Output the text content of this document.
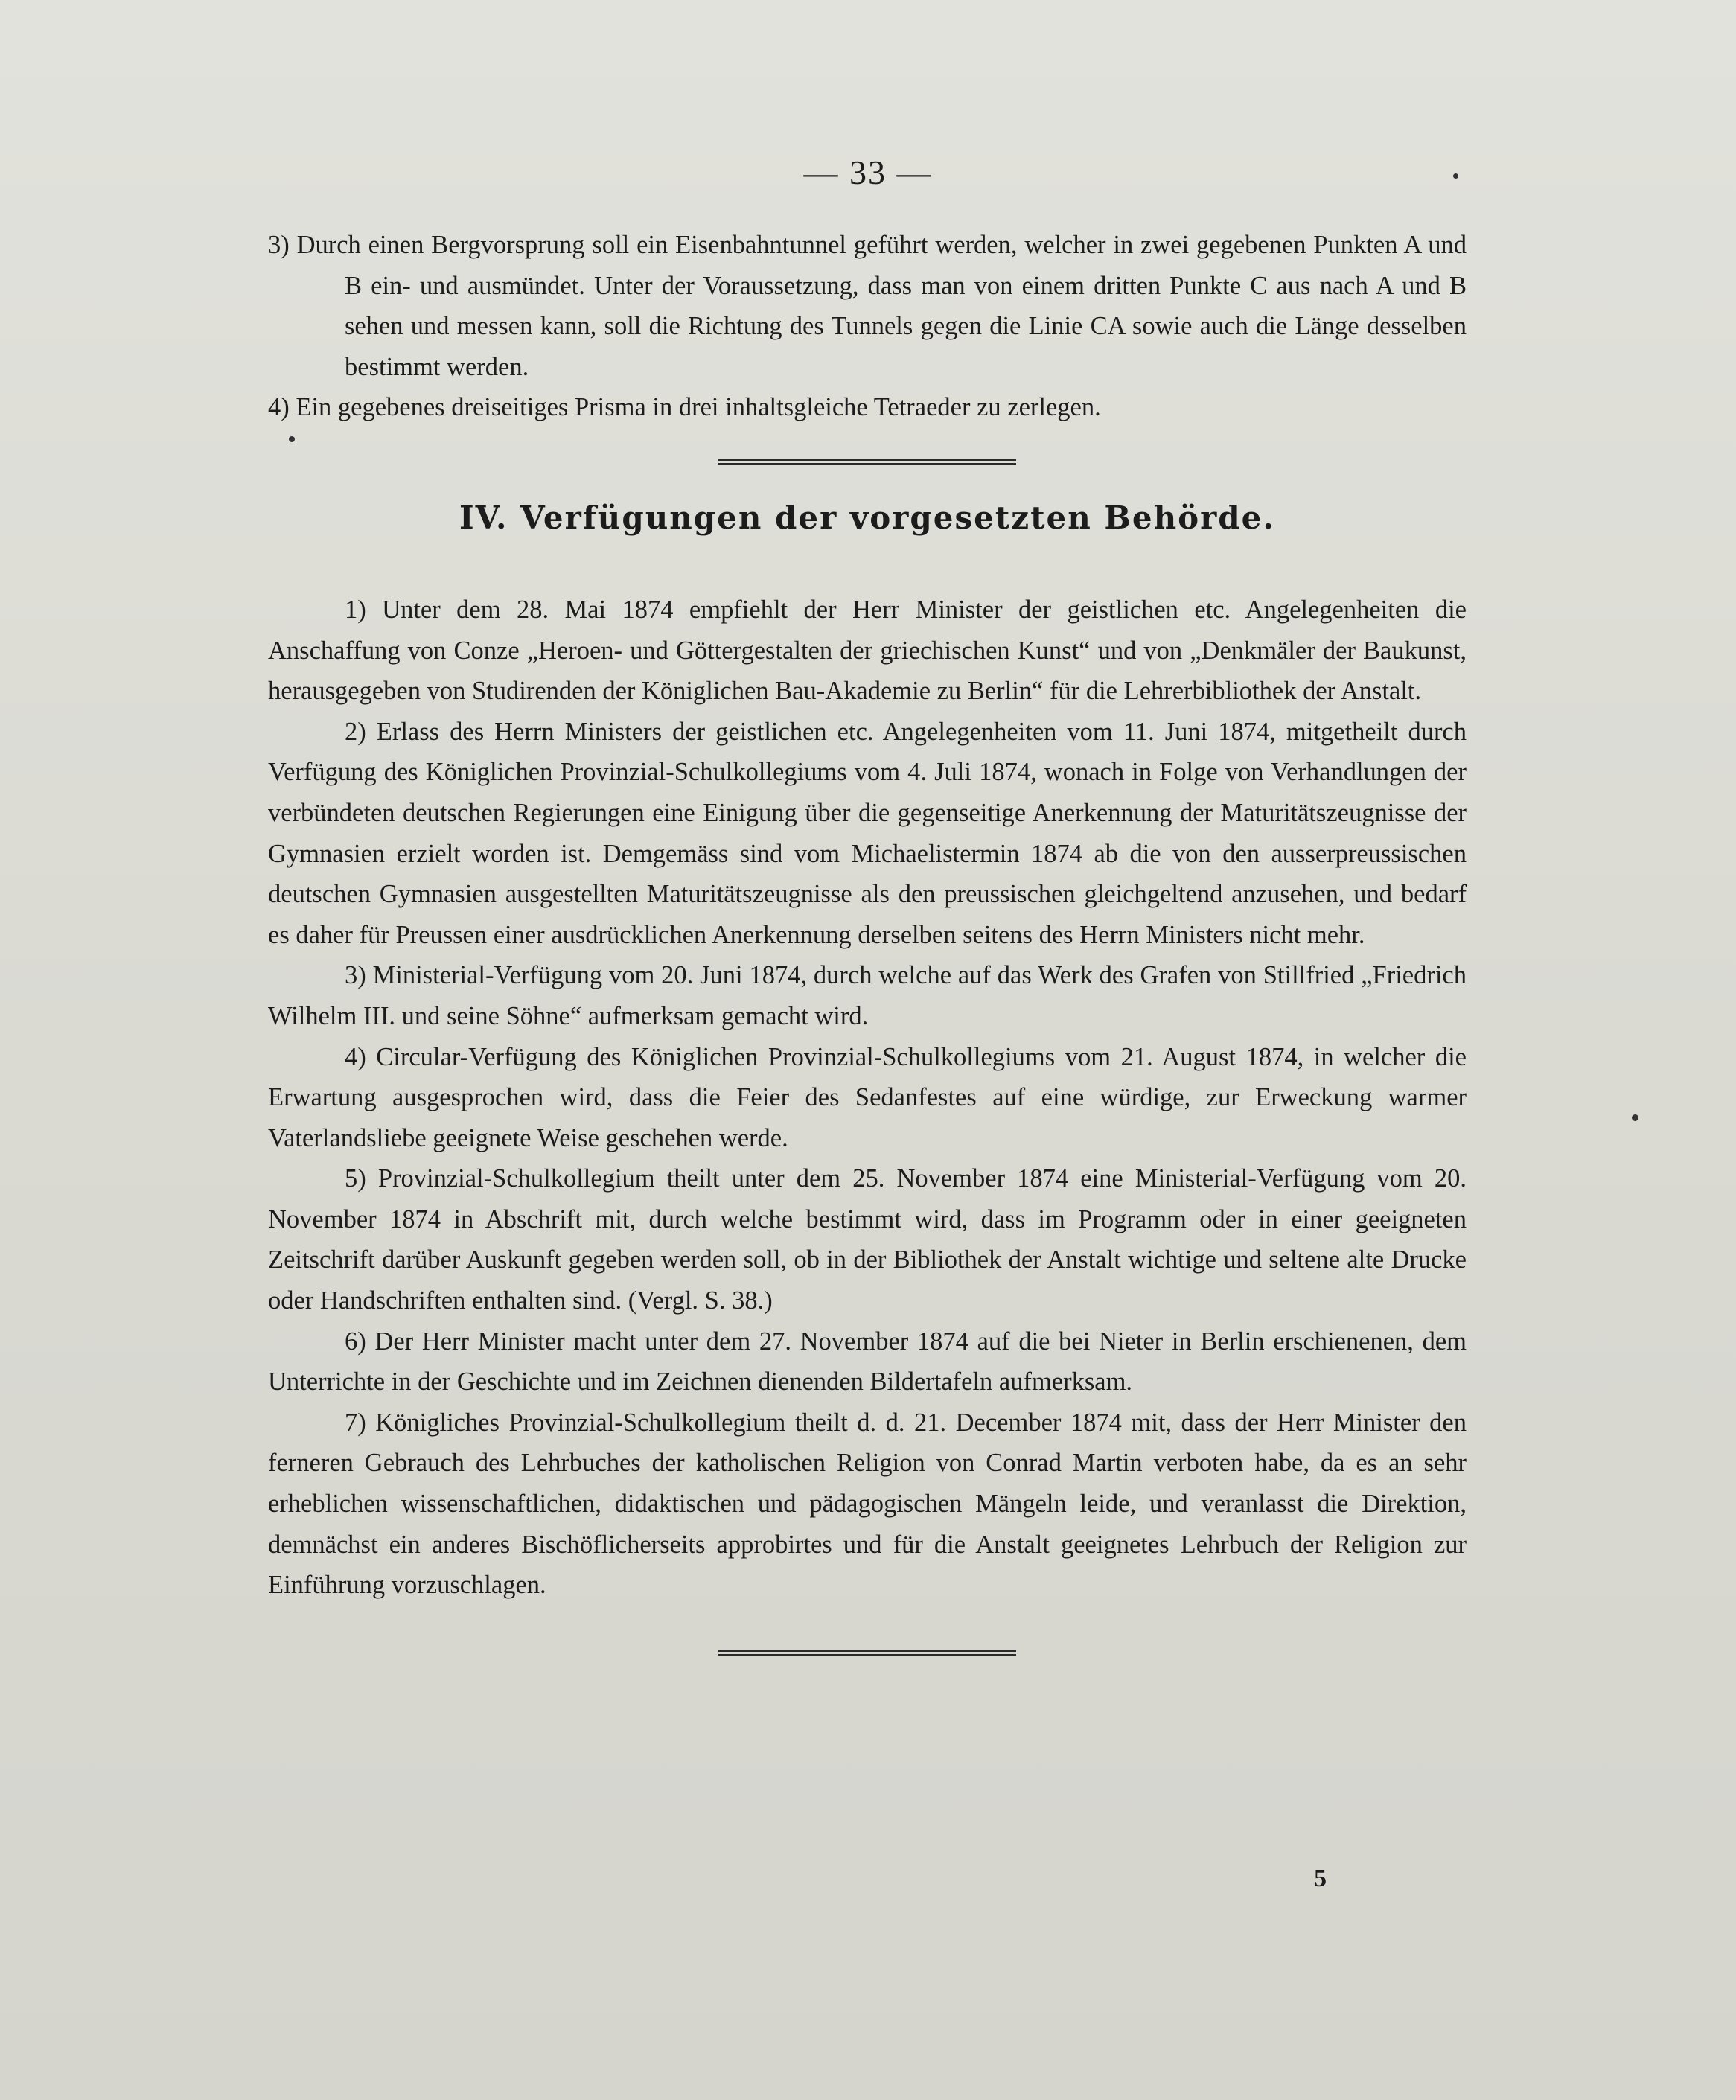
— 33 —

3) Durch einen Bergvorsprung soll ein Eisenbahntunnel geführt werden, welcher in zwei gegebenen Punkten A und B ein- und ausmündet. Unter der Voraussetzung, dass man von einem dritten Punkte C aus nach A und B sehen und messen kann, soll die Richtung des Tunnels gegen die Linie CA sowie auch die Länge desselben bestimmt werden.

4) Ein gegebenes dreiseitiges Prisma in drei inhaltsgleiche Tetraeder zu zerlegen.

IV. Verfügungen der vorgesetzten Behörde.

1) Unter dem 28. Mai 1874 empfiehlt der Herr Minister der geistlichen etc. Angelegenheiten die Anschaffung von Conze „Heroen- und Göttergestalten der griechischen Kunst“ und von „Denkmäler der Baukunst, herausgegeben von Studirenden der Königlichen Bau-Akademie zu Berlin“ für die Lehrerbibliothek der Anstalt.

2) Erlass des Herrn Ministers der geistlichen etc. Angelegenheiten vom 11. Juni 1874, mitgetheilt durch Verfügung des Königlichen Provinzial-Schulkollegiums vom 4. Juli 1874, wonach in Folge von Verhandlungen der verbündeten deutschen Regierungen eine Einigung über die gegenseitige Anerkennung der Maturitätszeugnisse der Gymnasien erzielt worden ist. Demgemäss sind vom Michaelistermin 1874 ab die von den ausserpreussischen deutschen Gymnasien ausgestellten Maturitätszeugnisse als den preussischen gleichgeltend anzusehen, und bedarf es daher für Preussen einer ausdrücklichen Anerkennung derselben seitens des Herrn Ministers nicht mehr.

3) Ministerial-Verfügung vom 20. Juni 1874, durch welche auf das Werk des Grafen von Stillfried „Friedrich Wilhelm III. und seine Söhne“ aufmerksam gemacht wird.

4) Circular-Verfügung des Königlichen Provinzial-Schulkollegiums vom 21. August 1874, in welcher die Erwartung ausgesprochen wird, dass die Feier des Sedanfestes auf eine würdige, zur Erweckung warmer Vaterlandsliebe geeignete Weise geschehen werde.

5) Provinzial-Schulkollegium theilt unter dem 25. November 1874 eine Ministerial-Verfügung vom 20. November 1874 in Abschrift mit, durch welche bestimmt wird, dass im Programm oder in einer geeigneten Zeitschrift darüber Auskunft gegeben werden soll, ob in der Bibliothek der Anstalt wichtige und seltene alte Drucke oder Handschriften enthalten sind. (Vergl. S. 38.)

6) Der Herr Minister macht unter dem 27. November 1874 auf die bei Nieter in Berlin erschienenen, dem Unterrichte in der Geschichte und im Zeichnen dienenden Bildertafeln aufmerksam.

7) Königliches Provinzial-Schulkollegium theilt d. d. 21. December 1874 mit, dass der Herr Minister den ferneren Gebrauch des Lehrbuches der katholischen Religion von Conrad Martin verboten habe, da es an sehr erheblichen wissenschaftlichen, didaktischen und pädagogischen Mängeln leide, und veranlasst die Direktion, demnächst ein anderes Bischöflicherseits approbirtes und für die Anstalt geeignetes Lehrbuch der Religion zur Einführung vorzuschlagen.

5
